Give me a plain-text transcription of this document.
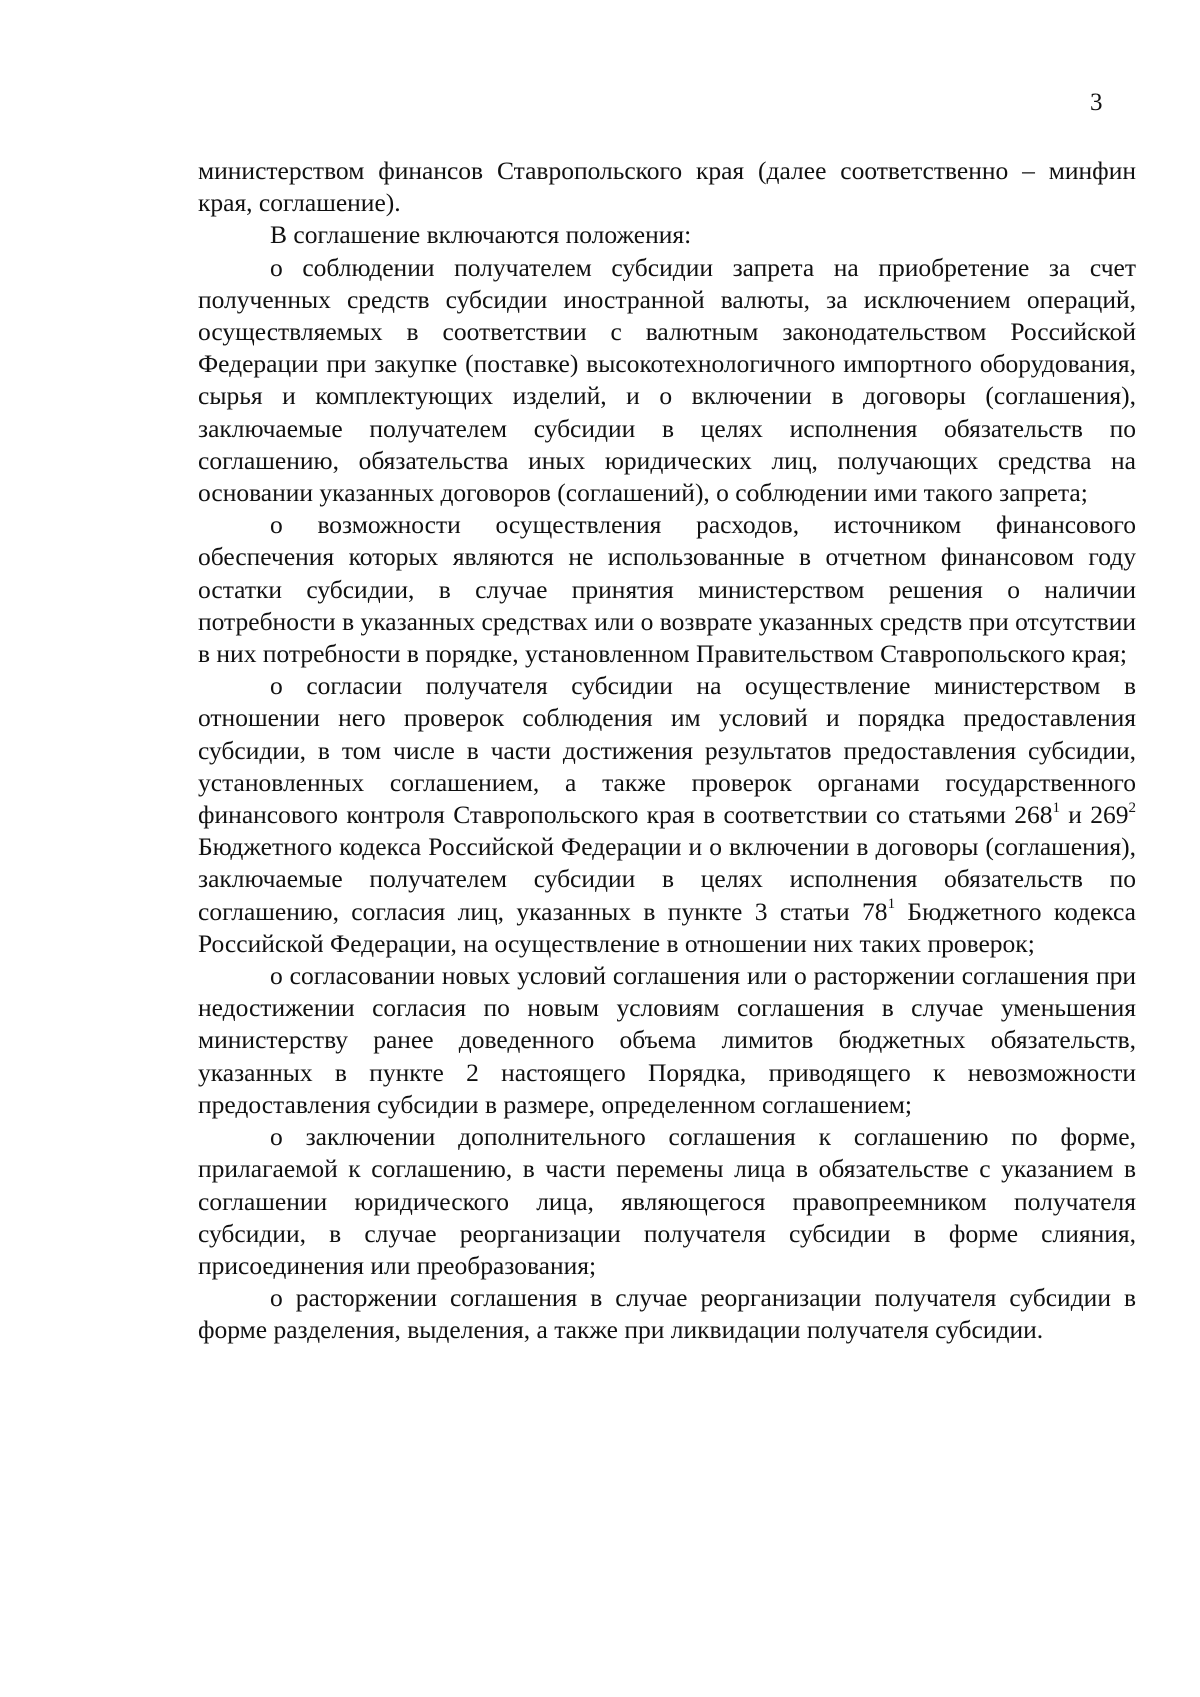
3

министерством финансов Ставропольского края (далее соответственно – минфин края, соглашение).

В соглашение включаются положения:

о соблюдении получателем субсидии запрета на приобретение за счет полученных средств субсидии иностранной валюты, за исключением операций, осуществляемых в соответствии с валютным законодательством Российской Федерации при закупке (поставке) высокотехнологичного импортного оборудования, сырья и комплектующих изделий, и о включении в договоры (соглашения), заключаемые получателем субсидии в целях исполнения обязательств по соглашению, обязательства иных юридических лиц, получающих средства на основании указанных договоров (соглашений), о соблюдении ими такого запрета;

о возможности осуществления расходов, источником финансового обеспечения которых являются не использованные в отчетном финансовом году остатки субсидии, в случае принятия министерством решения о наличии потребности в указанных средствах или о возврате указанных средств при отсутствии в них потребности в порядке, установленном Правительством Ставропольского края;

о согласии получателя субсидии на осуществление министерством в отношении него проверок соблюдения им условий и порядка предоставления субсидии, в том числе в части достижения результатов предоставления субсидии, установленных соглашением, а также проверок органами государственного финансового контроля Ставропольского края в соответствии со статьями $268^1$ и $269^2$ Бюджетного кодекса Российской Федерации и о включении в договоры (соглашения), заключаемые получателем субсидии в целях исполнения обязательств по соглашению, согласия лиц, указанных в пункте 3 статьи $78^1$ Бюджетного кодекса Российской Федерации, на осуществление в отношении них таких проверок;

о согласовании новых условий соглашения или о расторжении соглашения при недостижении согласия по новым условиям соглашения в случае уменьшения министерству ранее доведенного объема лимитов бюджетных обязательств, указанных в пункте 2 настоящего Порядка, приводящего к невозможности предоставления субсидии в размере, определенном соглашением;

о заключении дополнительного соглашения к соглашению по форме, прилагаемой к соглашению, в части перемены лица в обязательстве с указанием в соглашении юридического лица, являющегося правопреемником получателя субсидии, в случае реорганизации получателя субсидии в форме слияния, присоединения или преобразования;

о расторжении соглашения в случае реорганизации получателя субсидии в форме разделения, выделения, а также при ликвидации получателя субсидии.
